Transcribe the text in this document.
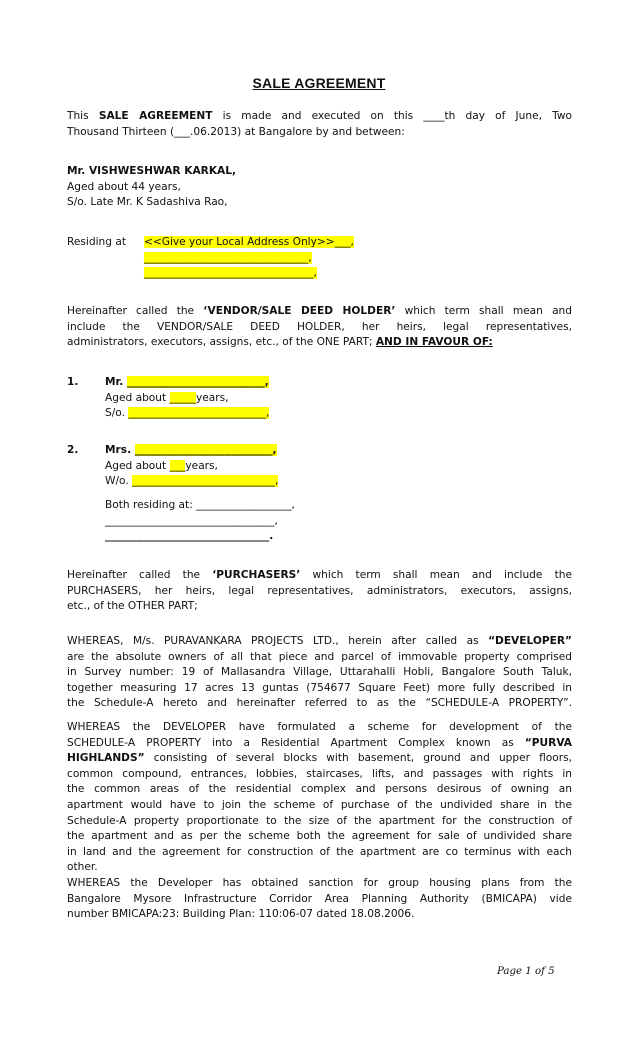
SALE AGREEMENT

This SALE AGREEMENT is made and executed on this ____th day of June, Two

Thousand Thirteen (___.06.2013) at Bangalore by and between:

Mr. VISHWESHWAR KARKAL,

Aged about 44 years,

S/o. Late Mr. K Sadashiva Rao,

Residing at	<<Give your Local Address Only>>___,
_______________________________,
________________________________,

Hereinafter called the ‘VENDOR/SALE DEED HOLDER’ which term shall mean and

include the VENDOR/SALE DEED HOLDER, her heirs, legal representatives,

administrators, executors, assigns, etc., of the ONE PART; AND IN FAVOUR OF:

1.	Mr. __________________________,

Aged about _____years,

S/o. __________________________,

2.	Mrs. __________________________,

Aged about ___years,

W/o. ___________________________,

Both residing at: __________________,

________________________________,

_______________________________.

Hereinafter called the ‘PURCHASERS’ which term shall mean and include the

PURCHASERS, her heirs, legal representatives, administrators, executors, assigns,

etc., of the OTHER PART;

WHEREAS, M/s. PURAVANKARA PROJECTS LTD., herein after called as “DEVELOPER”

are the absolute owners of all that piece and parcel of immovable property comprised

in Survey number: 19 of Mallasandra Village, Uttarahalli Hobli, Bangalore South Taluk,

together measuring 17 acres 13 guntas (754677 Square Feet) more fully described in

the Schedule-A hereto and hereinafter referred to as the “SCHEDULE-A PROPERTY”.

WHEREAS the DEVELOPER have formulated a scheme for development of the

SCHEDULE-A PROPERTY into a Residential Apartment Complex known as “PURVA

HIGHLANDS” consisting of several blocks with basement, ground and upper floors,

common compound, entrances, lobbies, staircases, lifts, and passages with rights in

the common areas of the residential complex and persons desirous of owning an

apartment would have to join the scheme of purchase of the undivided share in the

Schedule-A property proportionate to the size of the apartment for the construction of

the apartment and as per the scheme both the agreement for sale of undivided share

in land and the agreement for construction of the apartment are co terminus with each

other.

WHEREAS the Developer has obtained sanction for group housing plans from the

Bangalore Mysore Infrastructure Corridor Area Planning Authority (BMICAPA) vide

number BMICAPA:23: Building Plan: 110:06-07 dated 18.08.2006.

Page 1 of 5
